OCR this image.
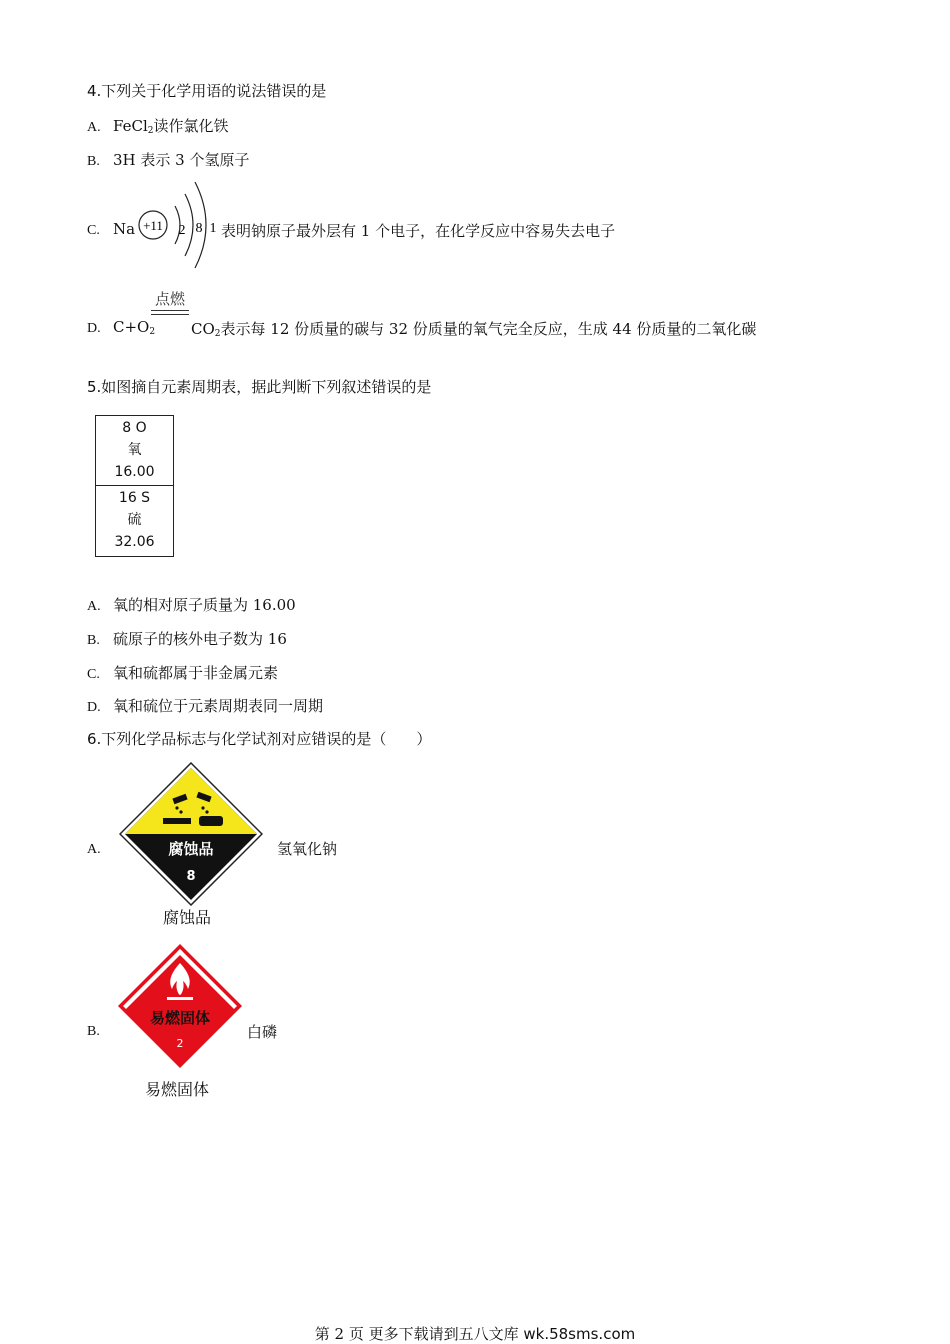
4.下列关于化学用语的说法错误的是
A. FeCl$_2$读作氯化铁
B. 3H 表示 3 个氢原子
C. Na +11 2 8 1 表明钠原子最外层有 1 个电子，在化学反应中容易失去电子
D. $C+O_2$
点燃
$CO_2$表示每 12 份质量的碳与 32 份质量的氧气完全反应，生成 44 份质量的二氧化碳
5.如图摘自元素周期表，据此判断下列叙述错误的是
8 O
氧
16.00
16 S
硫
32.06
A. 氧的相对原子质量为 16.00
B. 硫原子的核外电子数为 16
C. 氧和硫都属于非金属元素
D. 氧和硫位于元素周期表同一周期
6.下列化学品标志与化学试剂对应错误的是（　　）
A.	腐蚀品
8
腐蚀品
氢氧化钠
B.
易燃固体
2
易燃固体
白磷
第 2 页 更多下载请到五八文库 wk.58sms.com
